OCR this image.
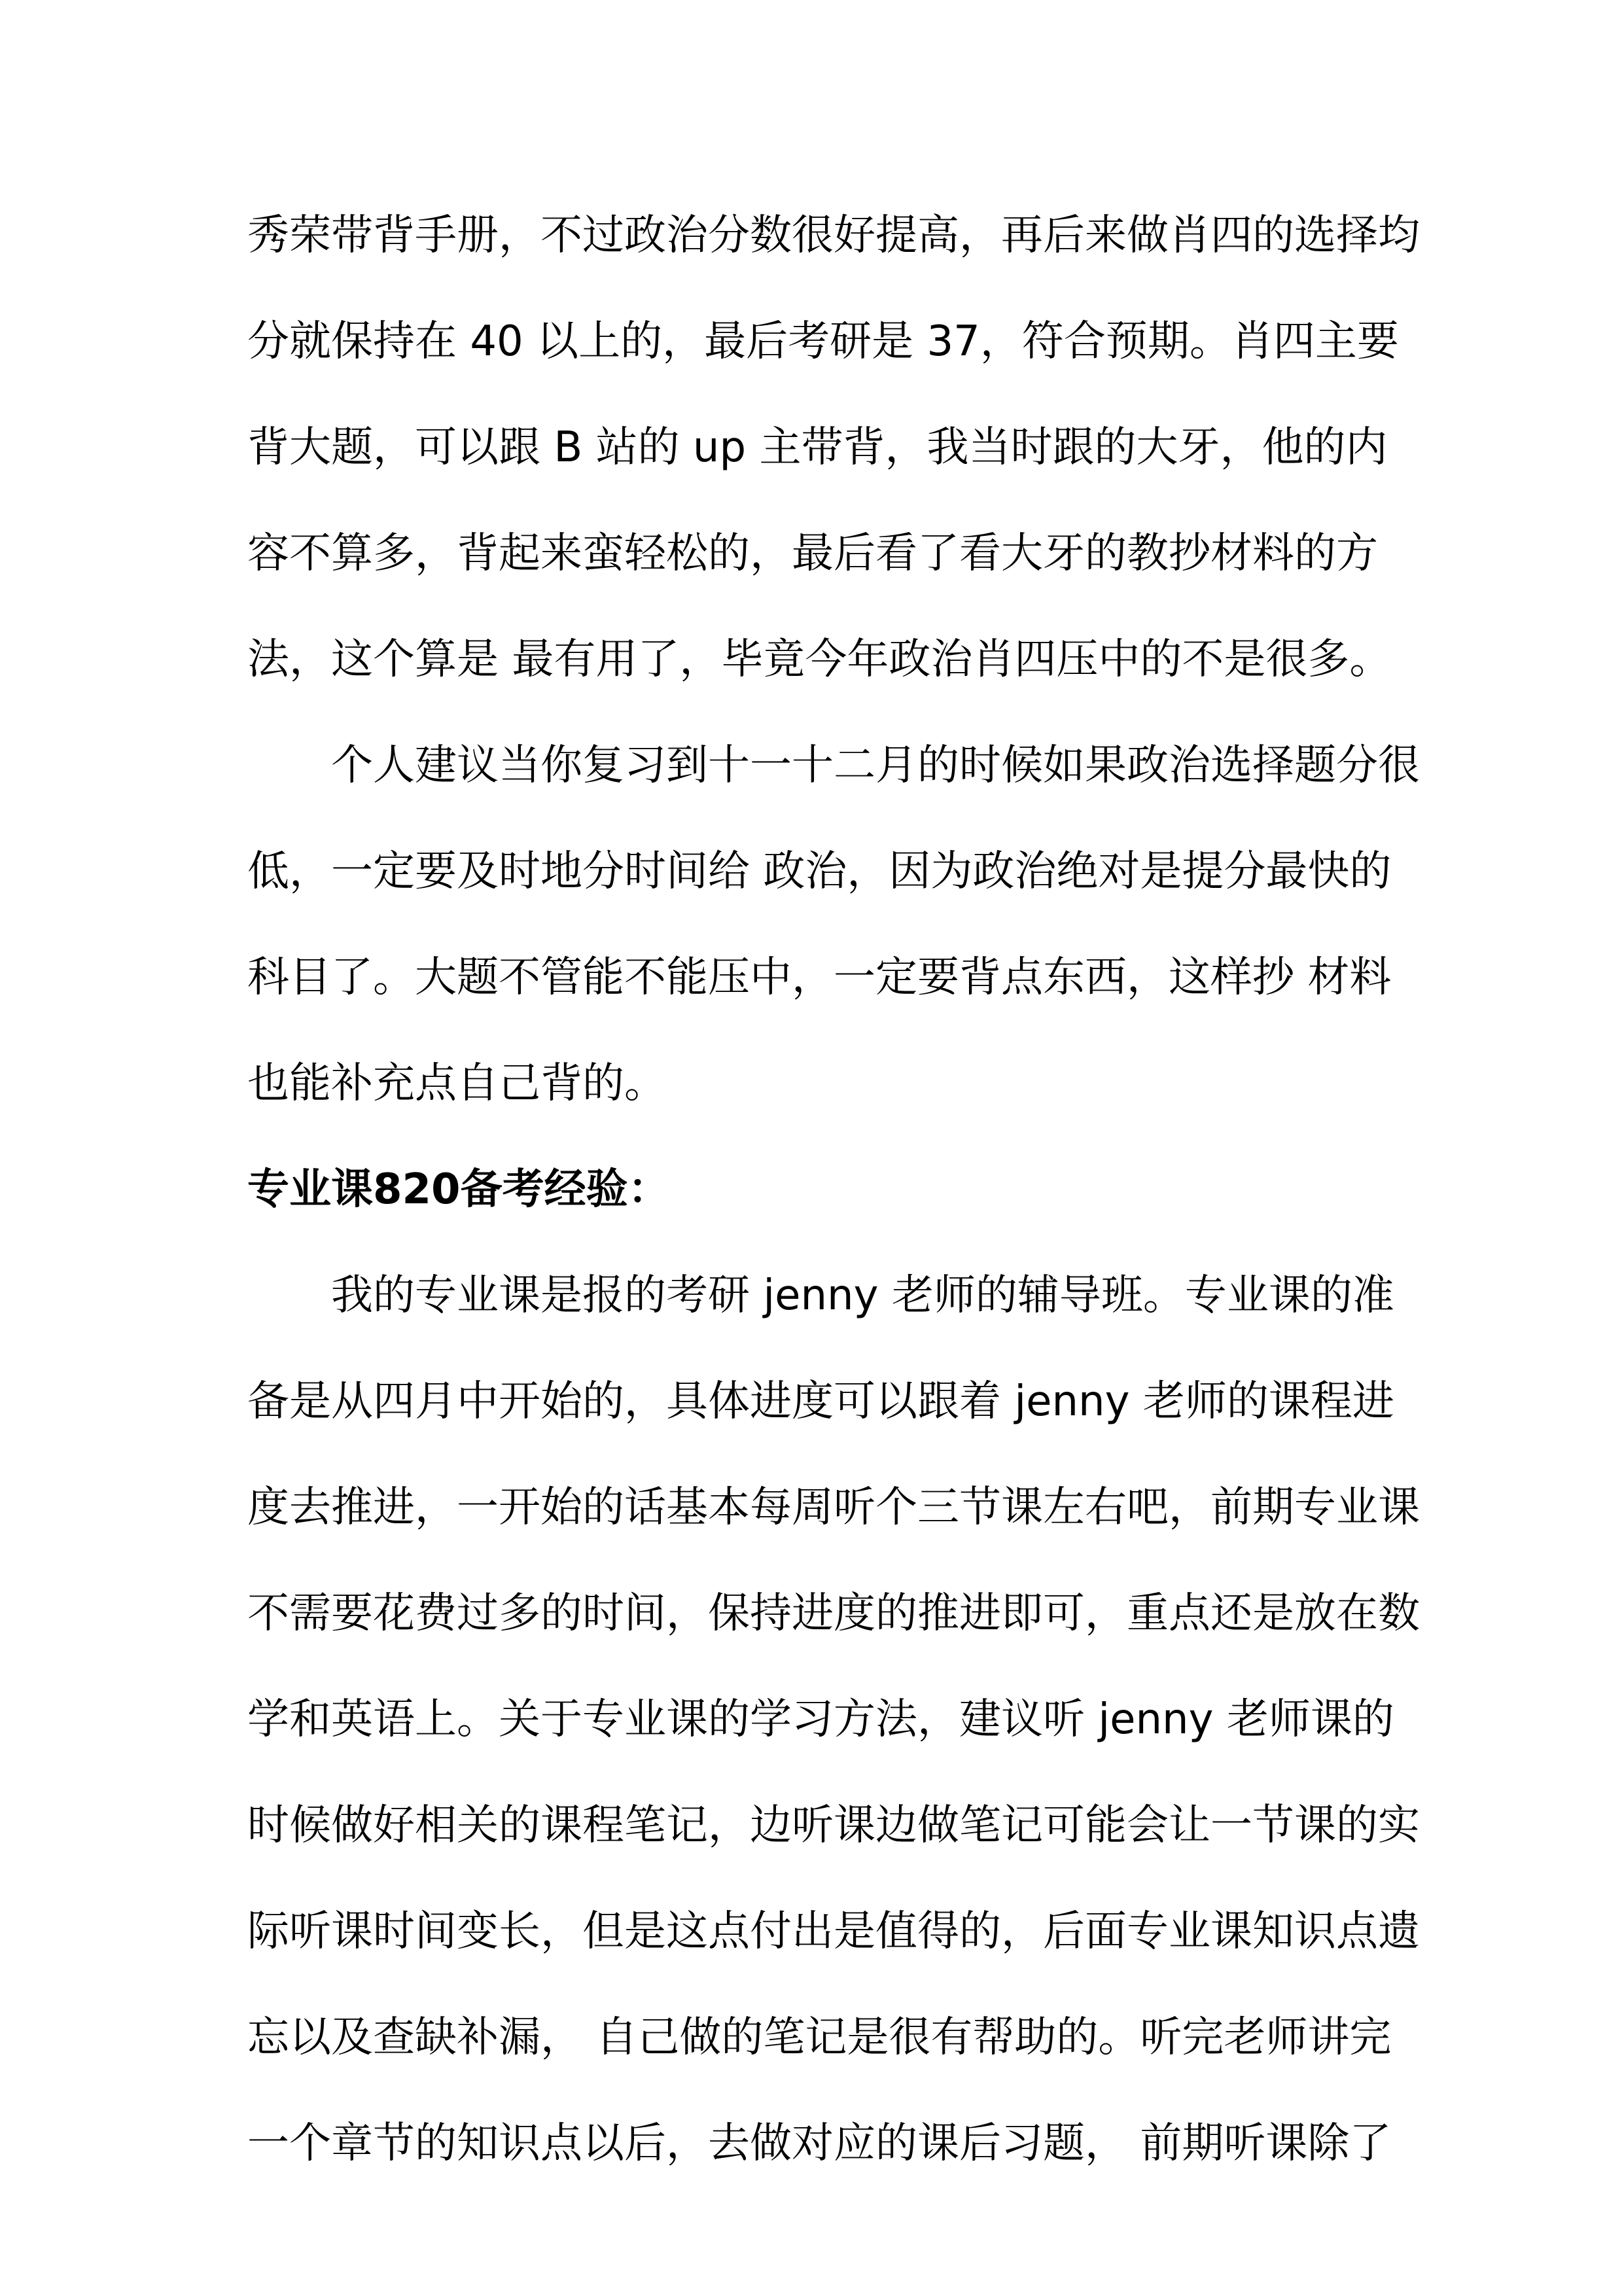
秀荣带背手册，不过政治分数很好提高，再后来做肖四的选择均
分就保持在 40 以上的，最后考研是 37，符合预期。肖四主要
背大题，可以跟 B 站的 up 主带背，我当时跟的大牙，他的内
容不算多，背起来蛮轻松的，最后看了看大牙的教抄材料的方
法，这个算是 最有用了，毕竟今年政治肖四压中的不是很多。
个人建议当你复习到十一十二月的时候如果政治选择题分很
低，一定要及时地分时间给 政治，因为政治绝对是提分最快的
科目了。大题不管能不能压中，一定要背点东西，这样抄 材料
也能补充点自己背的。
专业课820备考经验：
我的专业课是报的考研 jenny 老师的辅导班。专业课的准
备是从四月中开始的，具体进度可以跟着 jenny 老师的课程进
度去推进，一开始的话基本每周听个三节课左右吧，前期专业课
不需要花费过多的时间，保持进度的推进即可，重点还是放在数
学和英语上。关于专业课的学习方法，建议听 jenny 老师课的
时候做好相关的课程笔记，边听课边做笔记可能会让一节课的实
际听课时间变长，但是这点付出是值得的，后面专业课知识点遗
忘以及查缺补漏， 自己做的笔记是很有帮助的。听完老师讲完
一个章节的知识点以后，去做对应的课后习题， 前期听课除了
